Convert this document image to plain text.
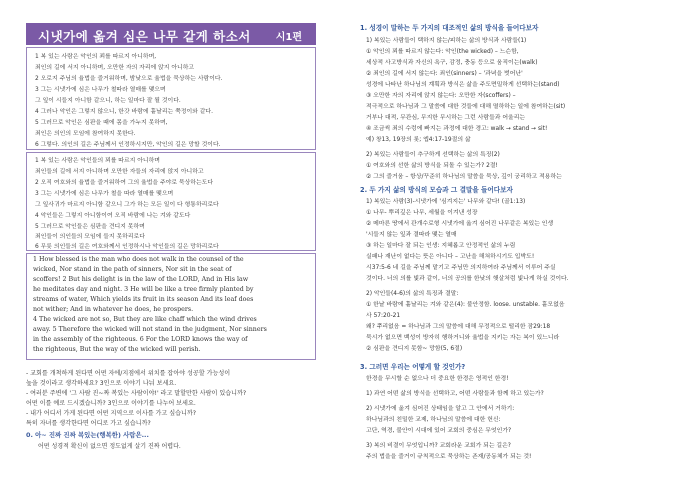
시냇가에 옮겨 심은 나무 같게 하소서 시1편
1 복 있는 사람은 악인의 꾀를 따르지 아니하며,
죄인의 길에 서지 아니하며, 오만한 자의 자리에 앉지 아니하고
2 오로지 주님의 율법을 즐거워하며, 밤낮으로 율법을 묵상하는 사람이다.
3 그는 시냇가에 심은 나무가 철따라 열매를 맺으며
그 잎이 시들지 아니함 같으니, 하는 일마다 잘 될 것이다.
4 그러나 악인은 그렇지 않으니, 한갓 바람에 흩날리는 쭉정이와 같다.
5 그러므로 악인은 심판을 때에 몸을 가누지 못하며,
죄인은 의인의 모임에 참여하지 못한다.
6 그렇다. 의인의 길은 주님께서 인정하시지만, 악인의 길은 망할 것이다.
1 복 있는 사람은 악인들의 꾀를 따르지 아니하며
죄인들의 길에 서지 아니하며 오만한 자들의 자리에 앉지 아니하고
2 오직 여호와의 율법을 즐거워하여 그의 율법을 주야로 묵상하는도다
3 그는 시냇가에 심은 나무가 철을 따라 열매를 맺으며
그 잎사귀가 마르지 아니함 같으니 그가 하는 모든 일이 다 형통하리로다
4 악인들은 그렇지 아니함이여 오직 바람에 나는 겨와 같도다
5 그러므로 악인들은 심판을 견디지 못하며
죄인들이 의인들의 모임에 들지 못하리로다
6 무릇 의인들의 길은 여호와께서 인정하시나 악인들의 길은 망하리로다
1 How blessed is the man who does not walk in the counsel of the
wicked, Nor stand in the path of sinners, Nor sit in the seat of
scoffers! 2 But his delight is in the law of the LORD, And in His law
he meditates day and night. 3 He will be like a tree firmly planted by
streams of water, Which yields its fruit in its season And its leaf does
not wither; And in whatever he does, he prospers.
4 The wicked are not so, But they are like chaff which the wind drives
away. 5 Therefore the wicked will not stand in the judgment, Nor sinners
in the assembly of the righteous. 6 For the LORD knows the way of
the righteous, But the way of the wicked will perish.
- 교회를 개척하게 된다면 어떤 자에/지점에서 위치를 잡아야 성공할 가능성이
높을 것이라고 생각하세요? 3인으로 이야기 나눠 보세요.
- 여러분 주변에 '그 사람 진~짜 복있는 사람이야!' 라고 말할만한 사람이 있습니까?
어떤 이를 예로 드시겠습니까? 3인으로 이야기를 나누어 보세요.
- 내가 어디서 가게 된다면 어떤 지역으로 이사를 가고 싶습니까?
0. 아~ 진짜 진짜 복있는(행복한) 사람은...
어떤 성경적 확신이 없으면 정도없게 살기 진짜 어렵다.
특히 자녀를 생각한다면 어디로 가고 싶습니까?
1. 성경이 말하는 두 가지의 대조적인 삶의 방식을 들어다보자
1) 복있는 사람들이 택하지 않는/피하는 삶의 방식과 사람들(1)
① 악인의 꾀를 따르지 않는다: 악인(the wicked) – 느슨함,
세상적 사고방식과 자신의 욕구, 감정, 충동 등으로 움직이는(walk)
② 죄인의 길에 서지 않는다: 죄인(sinners) – '과녁을 벗어난'
성경에 나타난 하나님의 계획과 방식은 삶을 주도면밀하게 선택하는(stand)
③ 오만한 자의 자리에 앉지 않는다: 오만한 자(scoffers) –
적극적으로 하나님과 그 말씀에 대한 것들에 대해 멸하하는 일에 참여하는(sit)
거부나 대적, 무관심, 무지한 무시하는 그런 사람들과 어울리는
④ 조금씩 죄의 수렁에 빠지는 과정에 대한 경고: walk → stand → sit!
예) 창13, 19장의 롯; 엡4:17-19절의 삶
2) 복있는 사람들이 추구하게 선택하는 삶의 특징(2)
① 여호와의 선한 삶의 방식을 되돌 수 있는가? 2절!
② 그의 즐거움 – 항상/꾸준히 하나님의 말씀을 묵상, 깊이 궁리하고 적용하는
2. 두 가지 삶의 방식의 모습과 그 결말을 들어다보자
1) 복있는 사람(3)-시냇가에 '심겨지는' 나무와 같다! (골1:13)
① 나무- 뿌리깊은 나무, 세월을 이겨낸 성장
② 메마른 땅에서 관개수로형 시냇가에 옮겨 심어진 나무같은 복있는 인생
'시들지 않는 잎과 결따라 맺는 열매
③ 하는 일마다 잘 되는 인생: 지혜롭고 안정적인 삶의 누림
실패나 재난이 없다는 뜻은 아니다 – 고난을 해쳐하시기도 입박도!
시37:5-6 네 길을 주님께 맡기고 주님만 의지하여라 주님께서 이루어 주실
것이다. 너의 의를 빛과 같이, 너의 공의를 한낮의 햇살처럼 빛나게 하실 것이다.
2) 악인들(4-6)의 삶의 특징과 결말:
① 한낱 바람에 흩날리는 겨와 같은(4): 불안정함. loose. unstable. 흩모없음
사 57:20-21
왜? 쭈리없음 = 하나님과 그의 말씀에 대해 무정적으로 떨리한 잠29:18
묵시가 없으면 백성이 방자히 행하거니와 율법을 지키는 자는 복이 있느니라
② 심판을 견디지 못함~ 망함(5, 6절)
3. 그러면 우리는 어떻게 할 것인가?
한경을 무시할 순 없으나 더 중요한 한경은 영적인 한경!
1) 과연 어떤 삶의 방식을 선택하고, 어떤 사람들과 함께 하고 있는가?
2) 시냇가에 옮겨 심어진 상태임을 알고 그 안에서 거하기:
하나님과의 친밀한 교제, 하나님의 말씀에 대한 헌신:
고단, 역경, 불안이 시대에 있어 교회의 중심은 무엇인가?
3) 복의 비결이 무엇입니까? 교회라운 교회가 되는 길은?
주의 법을을 즐거이 규칙적으로 묵상하는 존재/공동체가 되는 것!
